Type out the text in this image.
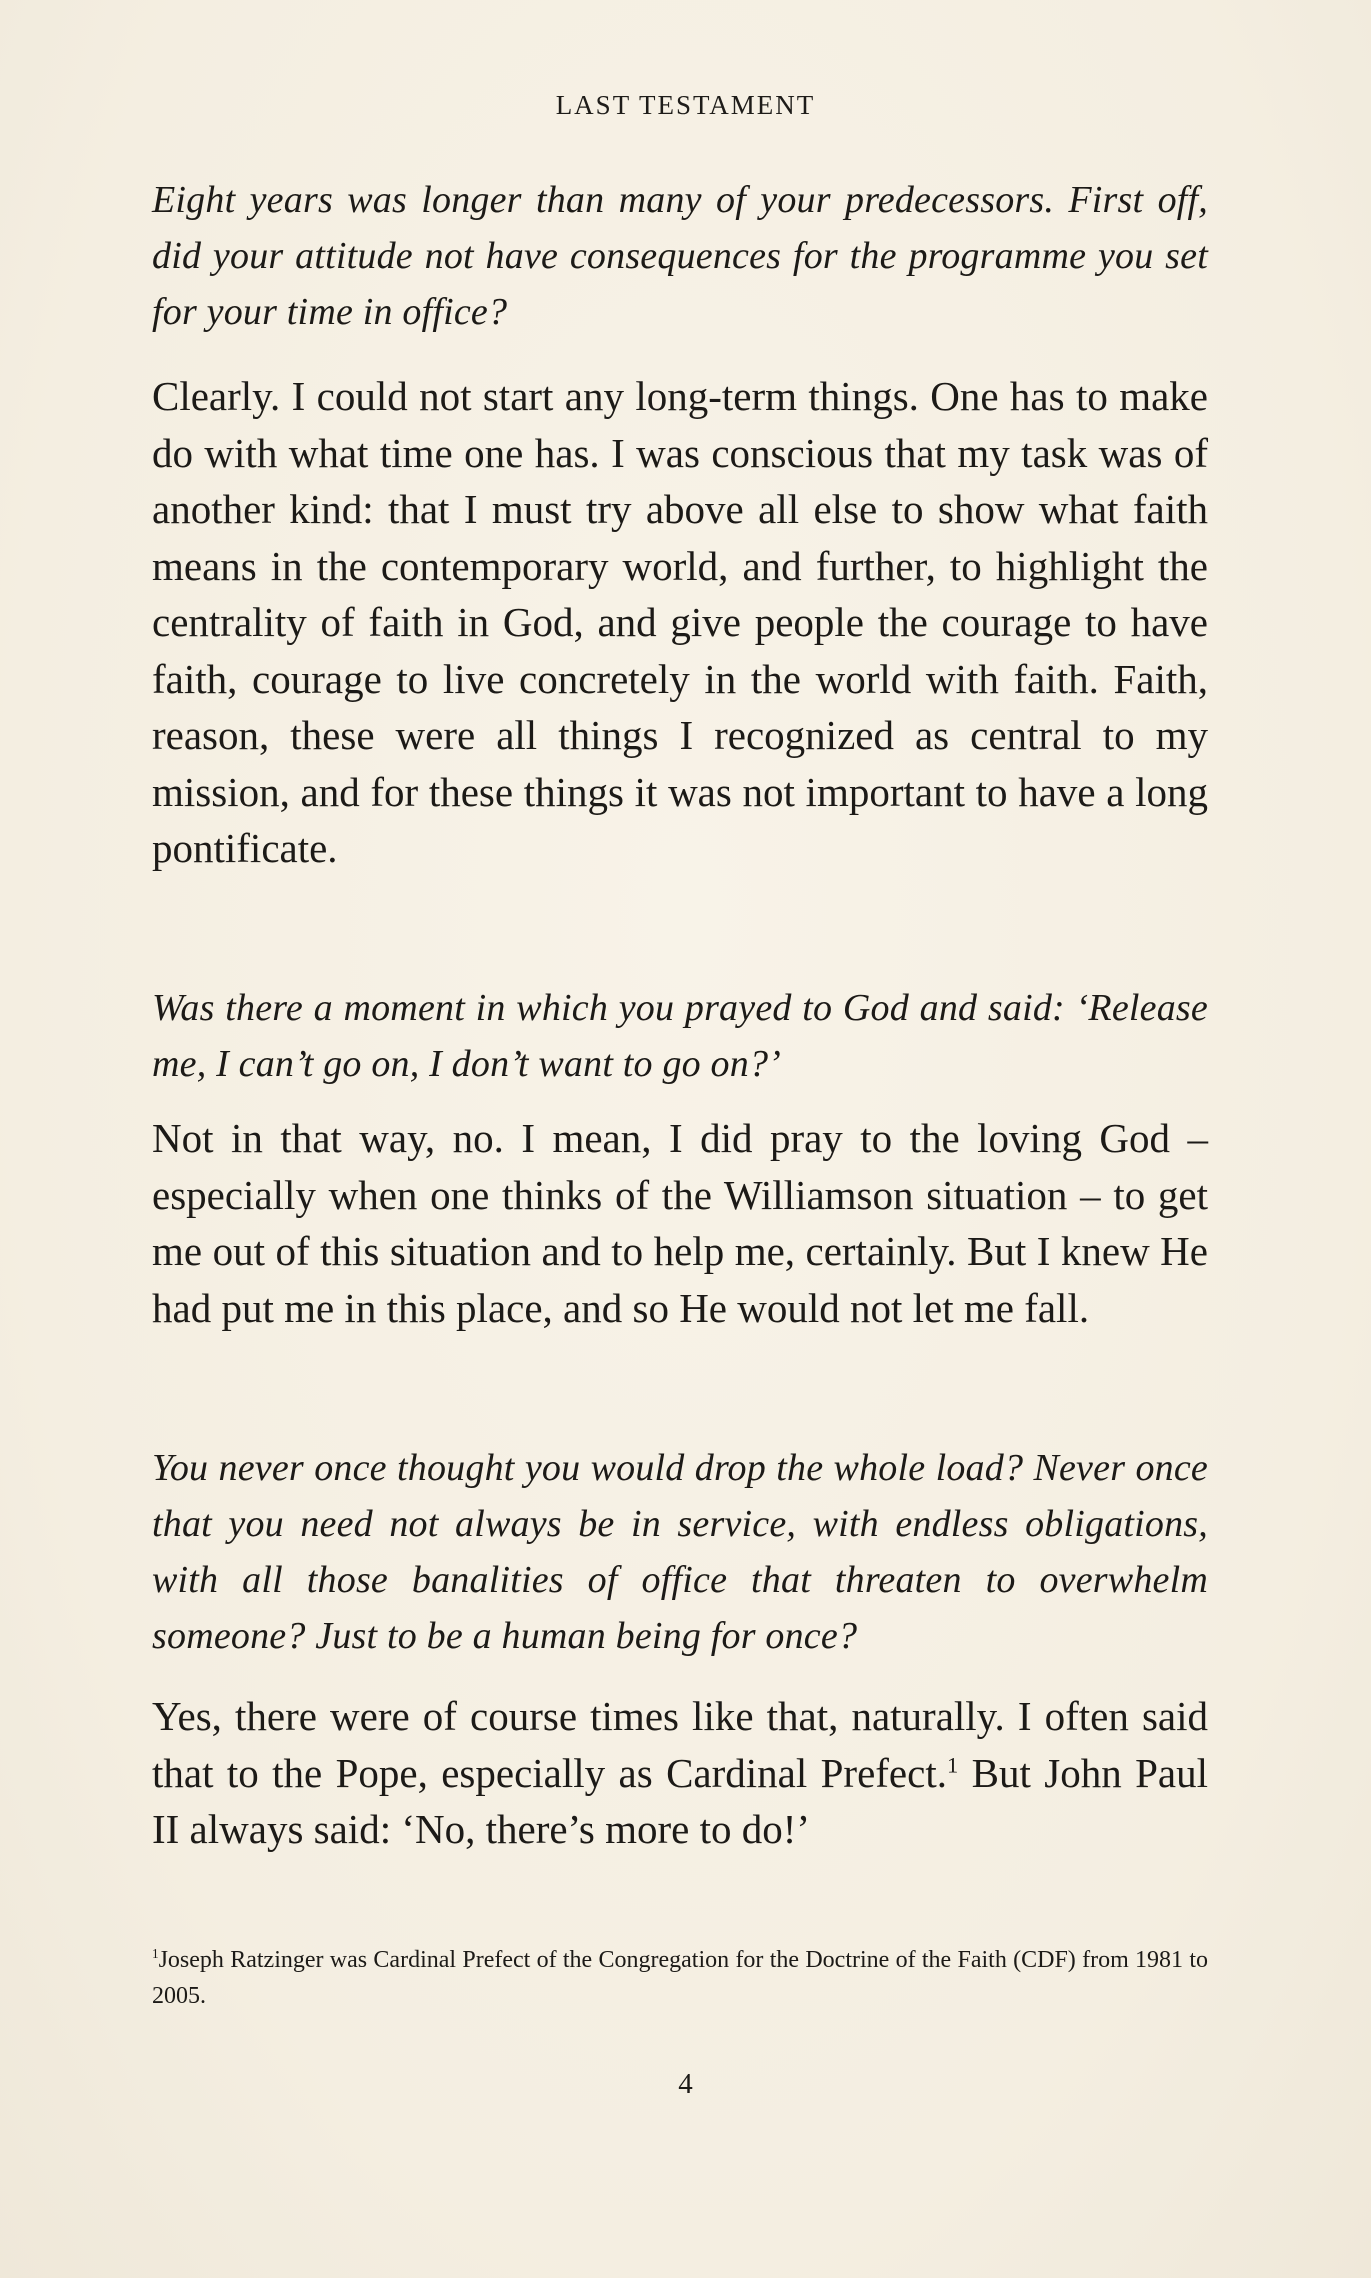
LAST TESTAMENT

Eight years was longer than many of your predecessors. First off, did your attitude not have consequences for the programme you set for your time in office?

Clearly. I could not start any long-term things. One has to make do with what time one has. I was conscious that my task was of another kind: that I must try above all else to show what faith means in the contemporary world, and further, to highlight the centrality of faith in God, and give people the courage to have faith, courage to live concretely in the world with faith. Faith, reason, these were all things I recognized as central to my mission, and for these things it was not important to have a long pontificate.

Was there a moment in which you prayed to God and said: ‘Release me, I can’t go on, I don’t want to go on?’

Not in that way, no. I mean, I did pray to the loving God – especially when one thinks of the Williamson situation – to get me out of this situation and to help me, certainly. But I knew He had put me in this place, and so He would not let me fall.

You never once thought you would drop the whole load? Never once that you need not always be in service, with endless obligations, with all those banalities of office that threaten to overwhelm someone? Just to be a human being for once?

Yes, there were of course times like that, naturally. I often said that to the Pope, especially as Cardinal Prefect.$^1$ But John Paul II always said: ‘No, there’s more to do!’

$^1$Joseph Ratzinger was Cardinal Prefect of the Congregation for the Doctrine of the Faith (CDF) from 1981 to 2005.

4
